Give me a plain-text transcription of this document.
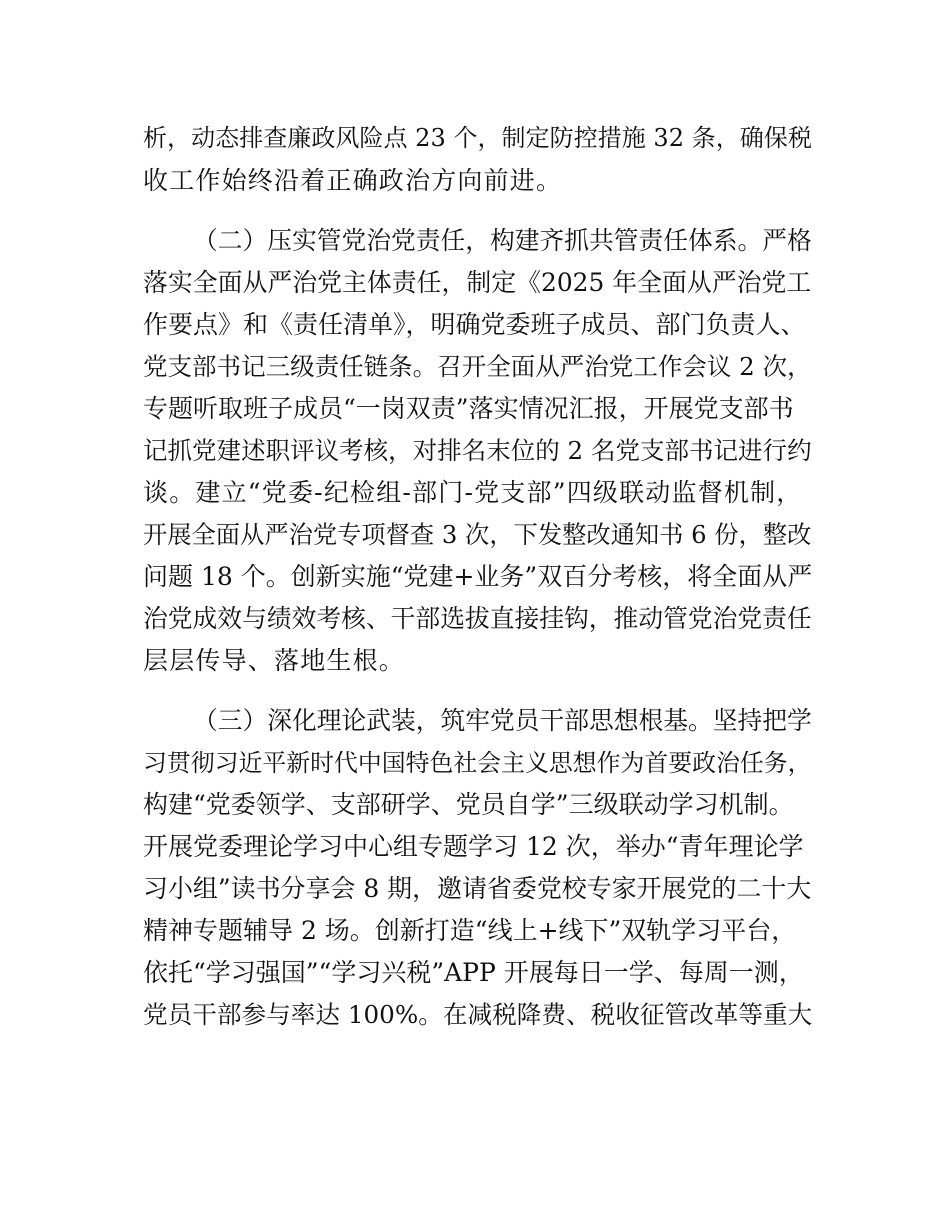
析，动态排查廉政风险点 23 个，制定防控措施 32 条，确保税

收工作始终沿着正确政治方向前进。

（二）压实管党治党责任，构建齐抓共管责任体系。严格

落实全面从严治党主体责任，制定《2025 年全面从严治党工

作要点》和《责任清单》，明确党委班子成员、部门负责人、

党支部书记三级责任链条。召开全面从严治党工作会议 2 次，

专题听取班子成员“一岗双责”落实情况汇报，开展党支部书

记抓党建述职评议考核，对排名末位的 2 名党支部书记进行约

谈。建立“党委-纪检组-部门-党支部”四级联动监督机制，

开展全面从严治党专项督查 3 次，下发整改通知书 6 份，整改

问题 18 个。创新实施“党建+业务”双百分考核，将全面从严

治党成效与绩效考核、干部选拔直接挂钩，推动管党治党责任

层层传导、落地生根。

（三）深化理论武装，筑牢党员干部思想根基。坚持把学

习贯彻习近平新时代中国特色社会主义思想作为首要政治任务，

构建“党委领学、支部研学、党员自学”三级联动学习机制。

开展党委理论学习中心组专题学习 12 次，举办“青年理论学

习小组”读书分享会 8 期，邀请省委党校专家开展党的二十大

精神专题辅导 2 场。创新打造“线上+线下”双轨学习平台，

依托“学习强国”“学习兴税”APP 开展每日一学、每周一测，

党员干部参与率达 100%。在减税降费、税收征管改革等重大
